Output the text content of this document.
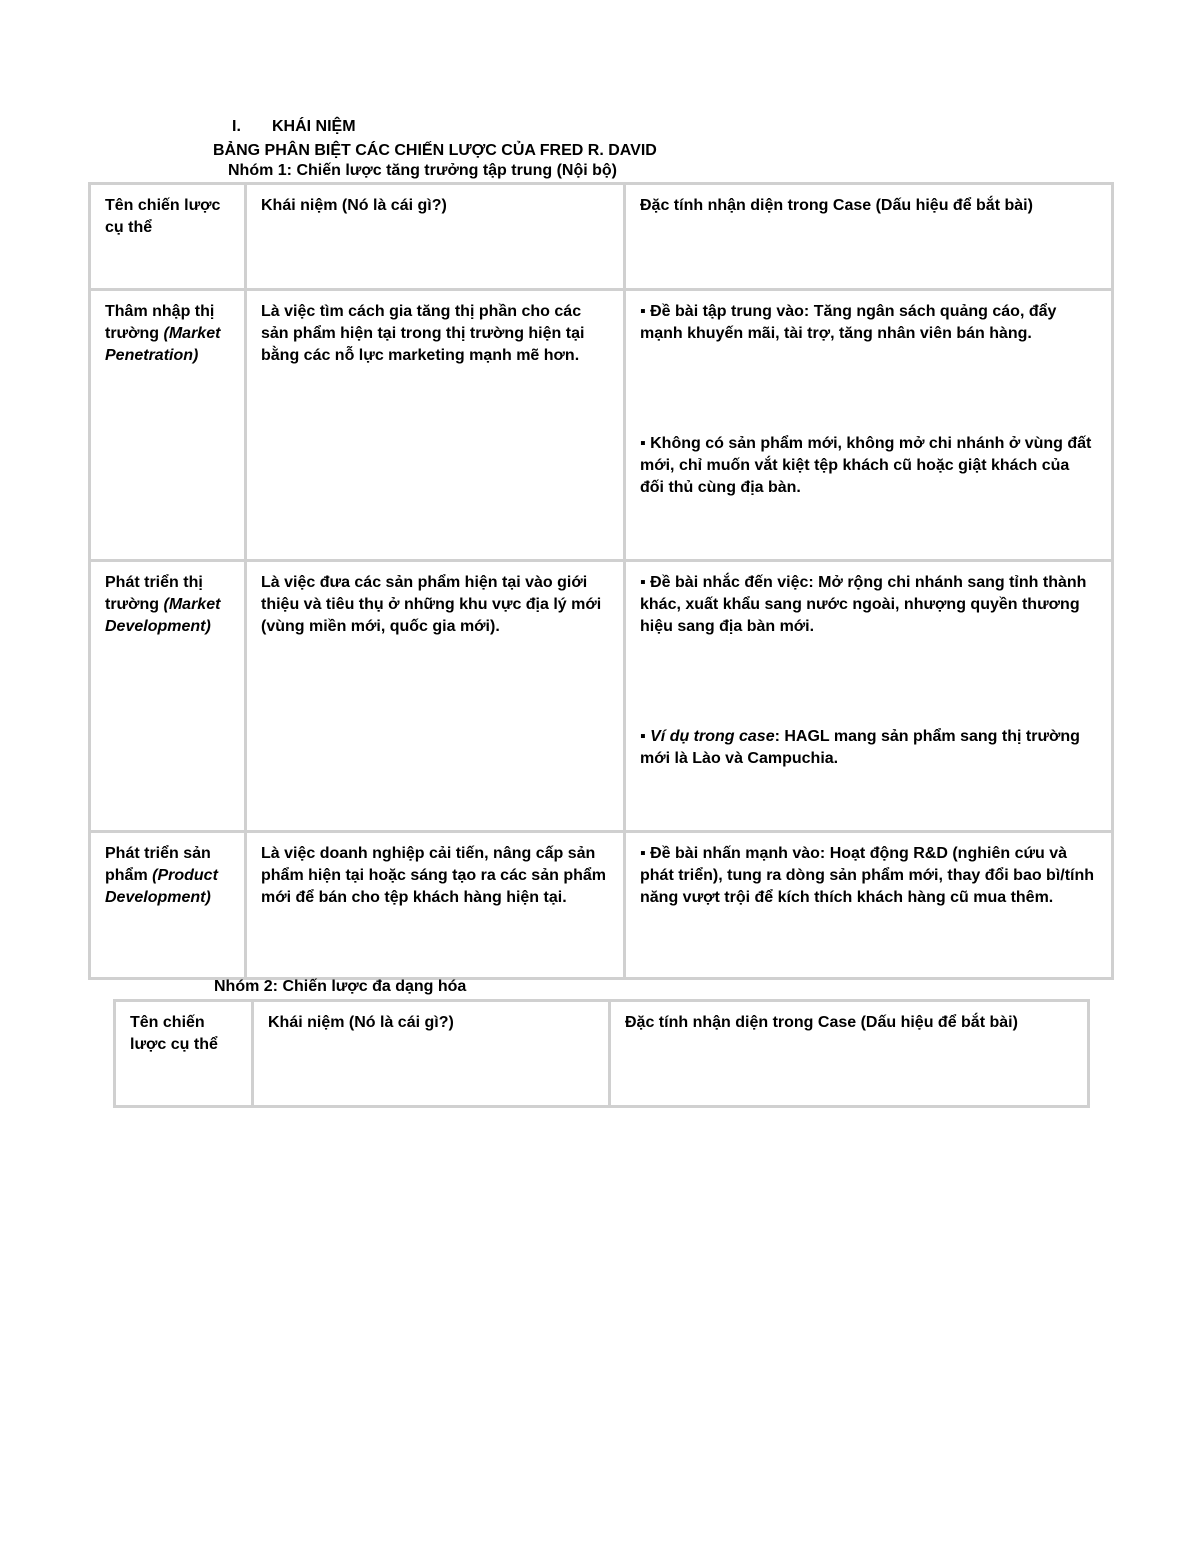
I. KHÁI NIỆM
BẢNG PHÂN BIỆT CÁC CHIẾN LƯỢC CỦA FRED R. DAVID
Nhóm 1: Chiến lược tăng trưởng tập trung (Nội bộ)
Tên chiến lược cụ thể	Khái niệm (Nó là cái gì?)	Đặc tính nhận diện trong Case (Dấu hiệu để bắt bài)
Thâm nhập thị trường (Market Penetration)	Là việc tìm cách gia tăng thị phần cho các sản phẩm hiện tại trong thị trường hiện tại bằng các nỗ lực marketing mạnh mẽ hơn.	▪ Đề bài tập trung vào: Tăng ngân sách quảng cáo, đẩy mạnh khuyến mãi, tài trợ, tăng nhân viên bán hàng.

▪ Không có sản phẩm mới, không mở chi nhánh ở vùng đất mới, chỉ muốn vắt kiệt tệp khách cũ hoặc giật khách của đối thủ cùng địa bàn.

Phát triển thị trường (Market Development)	Là việc đưa các sản phẩm hiện tại vào giới thiệu và tiêu thụ ở những khu vực địa lý mới (vùng miền mới, quốc gia mới).	▪ Đề bài nhắc đến việc: Mở rộng chi nhánh sang tỉnh thành khác, xuất khẩu sang nước ngoài, nhượng quyền thương hiệu sang địa bàn mới.

▪ Ví dụ trong case: HAGL mang sản phẩm sang thị trường mới là Lào và Campuchia.

Phát triển sản phẩm (Product Development)	Là việc doanh nghiệp cải tiến, nâng cấp sản phẩm hiện tại hoặc sáng tạo ra các sản phẩm mới để bán cho tệp khách hàng hiện tại.	▪ Đề bài nhấn mạnh vào: Hoạt động R&D (nghiên cứu và phát triển), tung ra dòng sản phẩm mới, thay đổi bao bì/tính năng vượt trội để kích thích khách hàng cũ mua thêm.

Nhóm 2: Chiến lược đa dạng hóa
Tên chiến lược cụ thể	Khái niệm (Nó là cái gì?)	Đặc tính nhận diện trong Case (Dấu hiệu để bắt bài)
